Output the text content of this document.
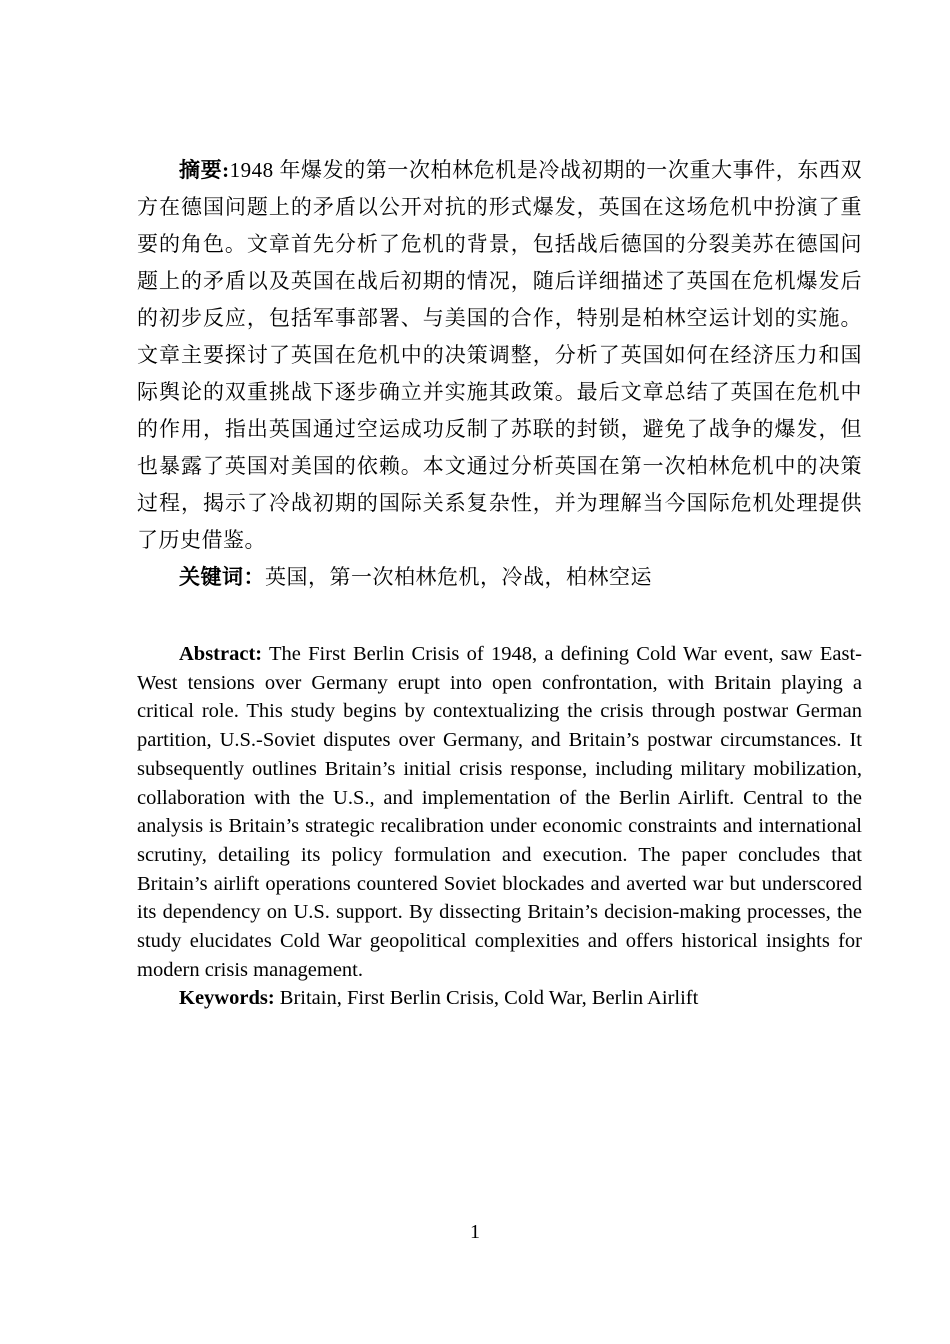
摘要:1948 年爆发的第一次柏林危机是冷战初期的一次重大事件，东西双方在德国问题上的矛盾以公开对抗的形式爆发，英国在这场危机中扮演了重要的角色。文章首先分析了危机的背景，包括战后德国的分裂美苏在德国问题上的矛盾以及英国在战后初期的情况，随后详细描述了英国在危机爆发后的初步反应，包括军事部署、与美国的合作，特别是柏林空运计划的实施。文章主要探讨了英国在危机中的决策调整，分析了英国如何在经济压力和国际舆论的双重挑战下逐步确立并实施其政策。最后文章总结了英国在危机中的作用，指出英国通过空运成功反制了苏联的封锁，避免了战争的爆发，但也暴露了英国对美国的依赖。本文通过分析英国在第一次柏林危机中的决策过程，揭示了冷战初期的国际关系复杂性，并为理解当今国际危机处理提供了历史借鉴。

关键词：英国，第一次柏林危机，冷战，柏林空运

Abstract: The First Berlin Crisis of 1948, a defining Cold War event, saw East-West tensions over Germany erupt into open confrontation, with Britain playing a critical role. This study begins by contextualizing the crisis through postwar German partition, U.S.-Soviet disputes over Germany, and Britain’s postwar circumstances. It subsequently outlines Britain’s initial crisis response, including military mobilization, collaboration with the U.S., and implementation of the Berlin Airlift. Central to the analysis is Britain’s strategic recalibration under economic constraints and international scrutiny, detailing its policy formulation and execution. The paper concludes that Britain’s airlift operations countered Soviet blockades and averted war but underscored its dependency on U.S. support. By dissecting Britain’s decision-making processes, the study elucidates Cold War geopolitical complexities and offers historical insights for modern crisis management.

Keywords: Britain, First Berlin Crisis, Cold War, Berlin Airlift

1
